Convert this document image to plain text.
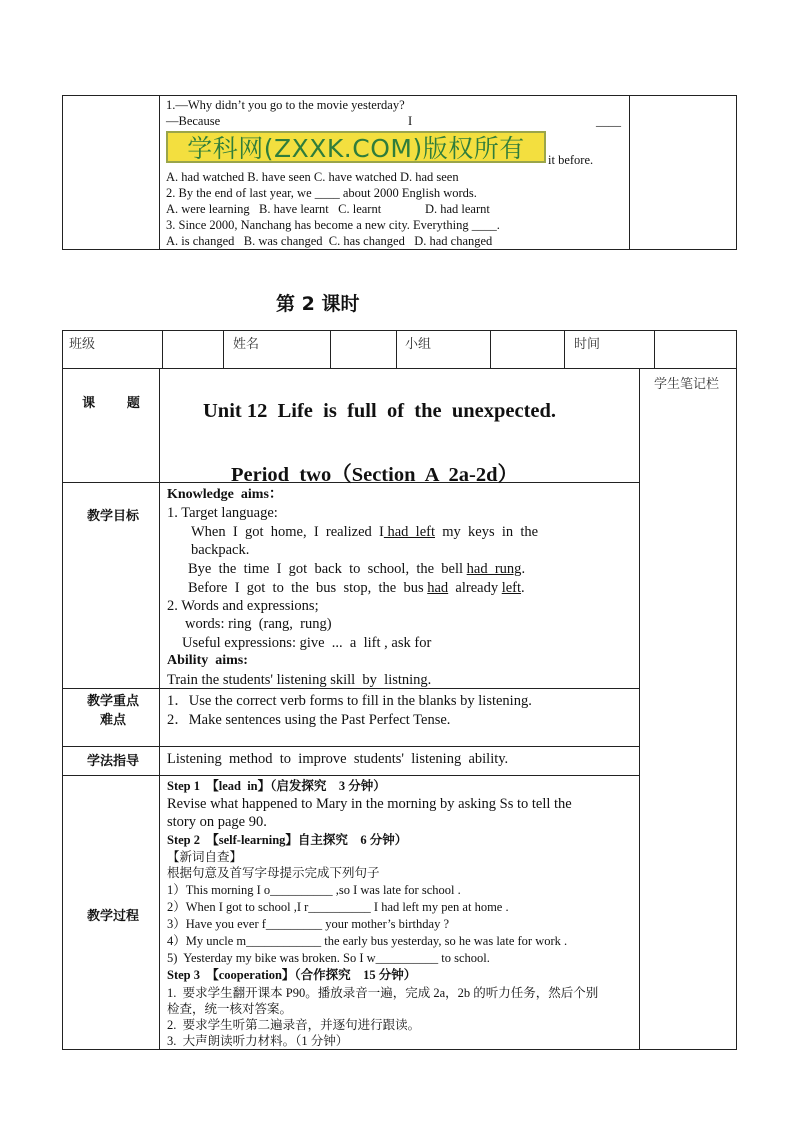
1.—Why didn’t you go to the movie yesterday?
—Because	I	____
学科网(ZXXK.COM)版权所有 it before.
A. had watched B. have seen C. have watched D. had seen
2. By the end of last year, we ____ about 2000 English words.
A. were learning   B. have learnt   C. learnt              D. had learnt
3. Since 2000, Nanchang has become a new city. Everything ____.
A. is changed   B. was changed  C. has changed   D. had changed
第 2 课时
班级	姓名	小组	时间
学生笔记栏
课       题	Unit 12  Life  is  full  of  the  unexpected.
Period  two（Section  A  2a-2d）
教学目标
Knowledge  aims：
1. Target language:
When  I  got  home,  I  realized  I had  left  my  keys  in  the
backpack.
Bye  the  time  I  got  back  to  school,  the  bell had  rung.
Before  I  got  to  the  bus  stop,  the  bus had  already left.
2. Words and expressions;
words: ring  (rang,  rung)
Useful expressions: give  ...  a  lift , ask for
Ability  aims:
Train the students' listening skill  by  listning.
教学重点
难点
1．Use the correct verb forms to fill in the blanks by listening.
2．Make sentences using the Past Perfect Tense.
学法指导	Listening  method  to  improve  students'  listening  ability.
教学过程
Step 1  【lead  in】（启发探究    3 分钟）
Revise what happened to Mary in the morning by asking Ss to tell the
story on page 90.
Step 2  【self-learning】自主探究    6 分钟）
【新词自查】
根据句意及首写字母提示完成下列句子
1）This morning I o__________ ,so I was late for school .
2）When I got to school ,I r__________ I had left my pen at home .
3）Have you ever f_________ your mother’s birthday ?
4）My uncle m____________ the early bus yesterday, so he was late for work .
5)  Yesterday my bike was broken. So I w__________ to school.
Step 3  【cooperation】（合作探究    15 分钟）
1.  要求学生翻开课本 P90。播放录音一遍，完成 2a，2b 的听力任务，然后个别
检查，统一核对答案。
2.  要求学生听第二遍录音，并逐句进行跟读。
3.  大声朗读听力材料。（1 分钟）
